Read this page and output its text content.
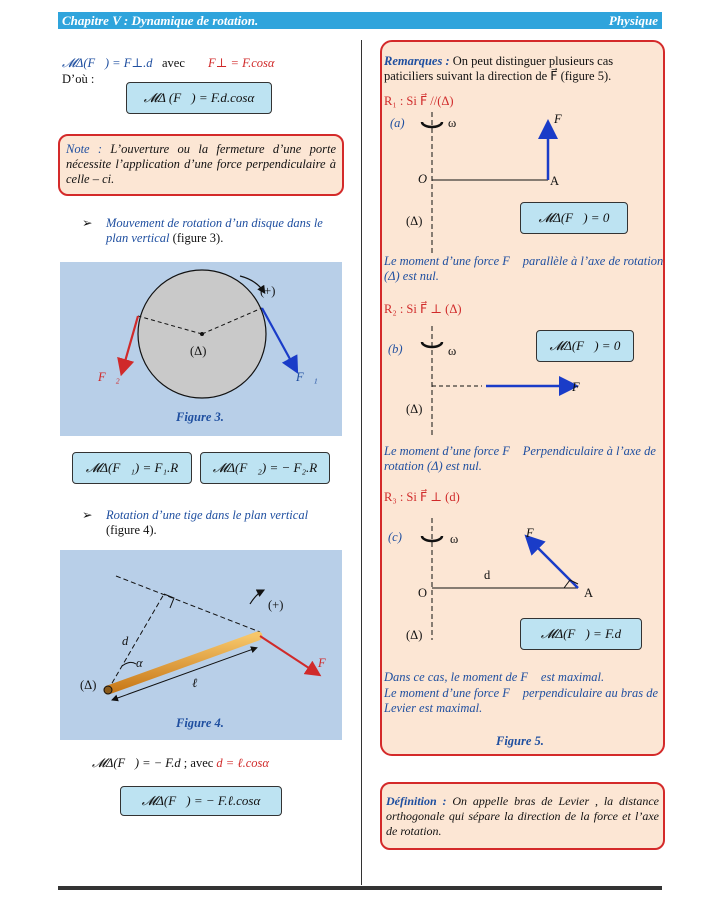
Chapitre V : Dynamique de rotation.	Physique
𝓜Δ(F⃗) = F⊥.d avec F⊥ = F.cosα
D’où :
𝓜Δ (F⃗) = F.d.cosα
Note : L’ouverture ou la fermeture d’une porte nécessite l’application d’une force perpendiculaire à celle – ci.
➢	Mouvement de rotation d’un disque dans le plan vertical (figure 3).
(+)
(Δ)
F⃗₂	F⃗₁
Figure 3.
𝓜Δ(F⃗₁) = F₁.R	𝓜Δ(F⃗₂) = − F₂.R
➢	Rotation d’une tige dans le plan vertical
(figure 4).
(+)
d
α
(Δ)	ℓ
F⃗
Figure 4.
𝓜Δ(F⃗) = − F.d ; avec d = ℓ.cosα
𝓜Δ(F⃗) = − F.ℓ.cosα
Remarques : On peut distinguer plusieurs cas paticiliers suivant la direction de F⃗ (figure 5).
R₁ : Si F⃗ //(Δ)
(a)	ω	F⃗
O	A
(Δ)	𝓜Δ(F⃗) = 0
Le moment d’une force F⃗ parallèle à l’axe de rotation (Δ) est nul.
R₂ : Si F⃗ ⊥ (Δ)
(b)	ω
F⃗
(Δ)
𝓜Δ(F⃗) = 0
Le moment d’une force F⃗ Perpendiculaire à l’axe de rotation (Δ) est nul.
R₃ : Si F⃗ ⊥ (d)
(c)	ω	F⃗
d
O	A
(Δ)	𝓜Δ(F⃗) = F.d
Dans ce cas, le moment de F⃗ est maximal.
Le moment d’une force F⃗ perpendiculaire au bras de Levier est maximal.
Figure 5.
Définition : On appelle bras de Levier , la distance orthogonale qui sépare la direction de la force et l’axe de rotation.
